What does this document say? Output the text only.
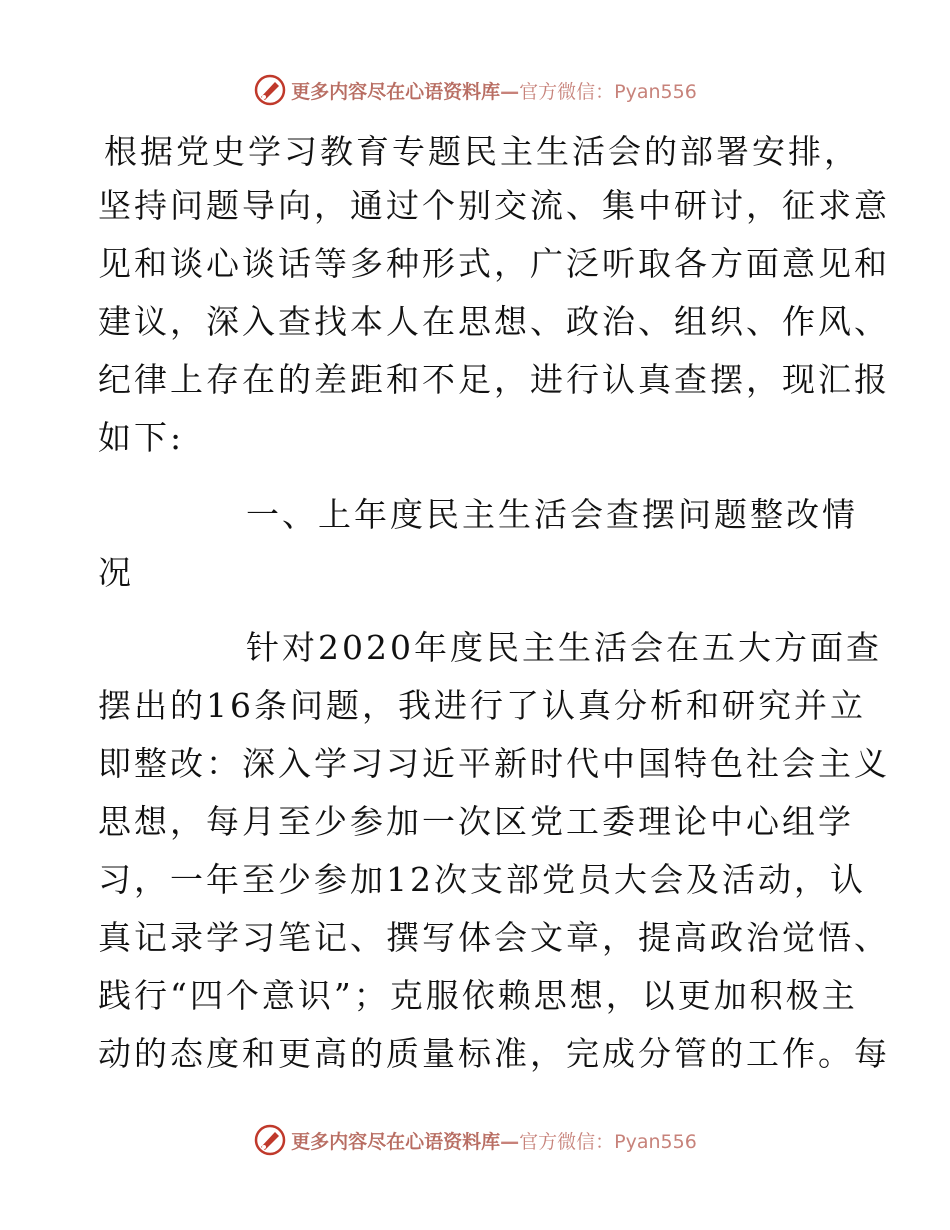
更多内容尽在心语资料库—官方微信：Pyan556
根据党史学习教育专题民主生活会的部署安排，
坚持问题导向，通过个别交流、集中研讨，征求意
见和谈心谈话等多种形式，广泛听取各方面意见和
建议，深入查找本人在思想、政治、组织、作风、
纪律上存在的差距和不足，进行认真查摆，现汇报
如下:
一、上年度民主生活会查摆问题整改情
况
针对2020年度民主生活会在五大方面查
摆出的16条问题，我进行了认真分析和研究并立
即整改：深入学习习近平新时代中国特色社会主义
思想，每月至少参加一次区党工委理论中心组学
习，一年至少参加12次支部党员大会及活动，认
真记录学习笔记、撰写体会文章，提高政治觉悟、
践行“四个意识”；克服依赖思想，以更加积极主
动的态度和更高的质量标准，完成分管的工作。每
更多内容尽在心语资料库—官方微信：Pyan556
